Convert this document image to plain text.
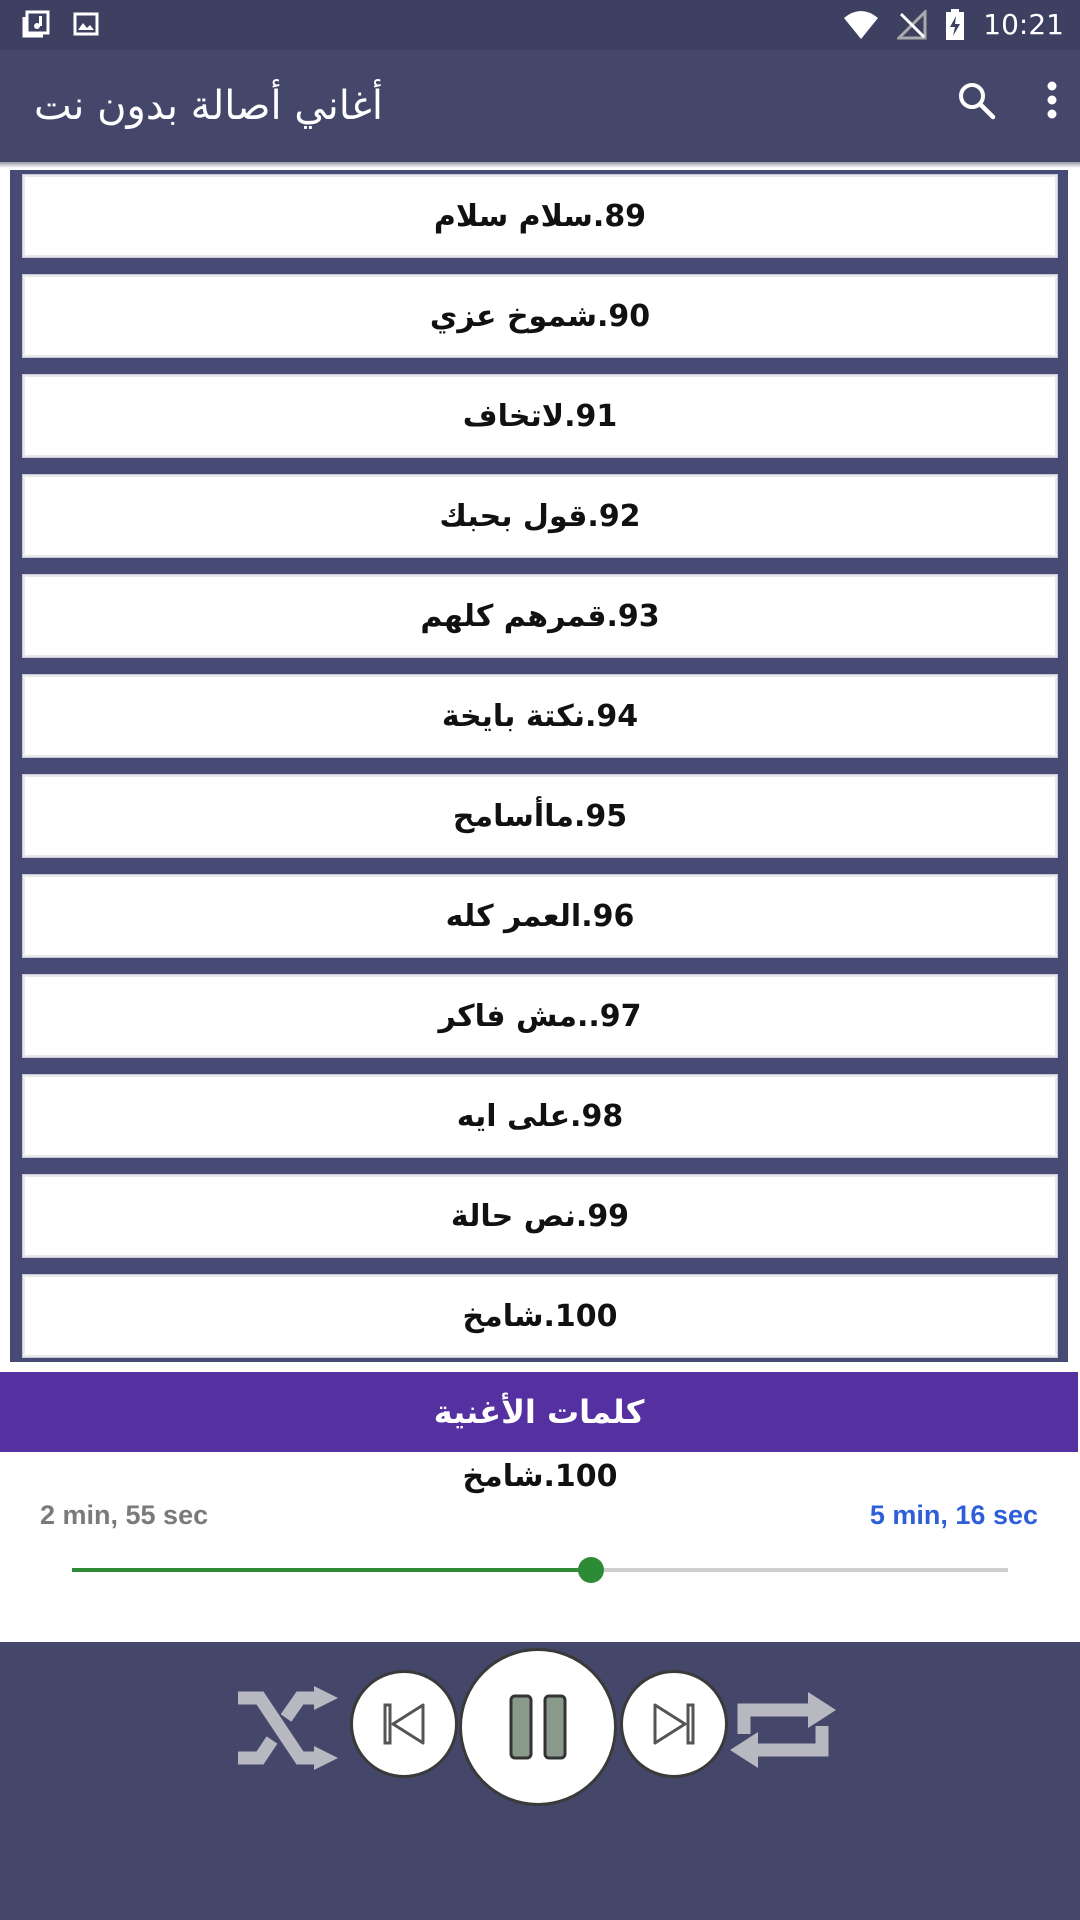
10:21
أغاني أصالة بدون نت
89.سلام سلام
90.شموخ عزي
91.لاتخاف
92.قول بحبك
93.قمرهم كلهم
94.نكتة بايخة
95.ماأسامح
96.العمر كله
97..مش فاكر
98.على ايه
99.نص حالة
100.شامخ
كلمات الأغنية
100.شامخ
2 min, 55 sec	5 min, 16 sec
